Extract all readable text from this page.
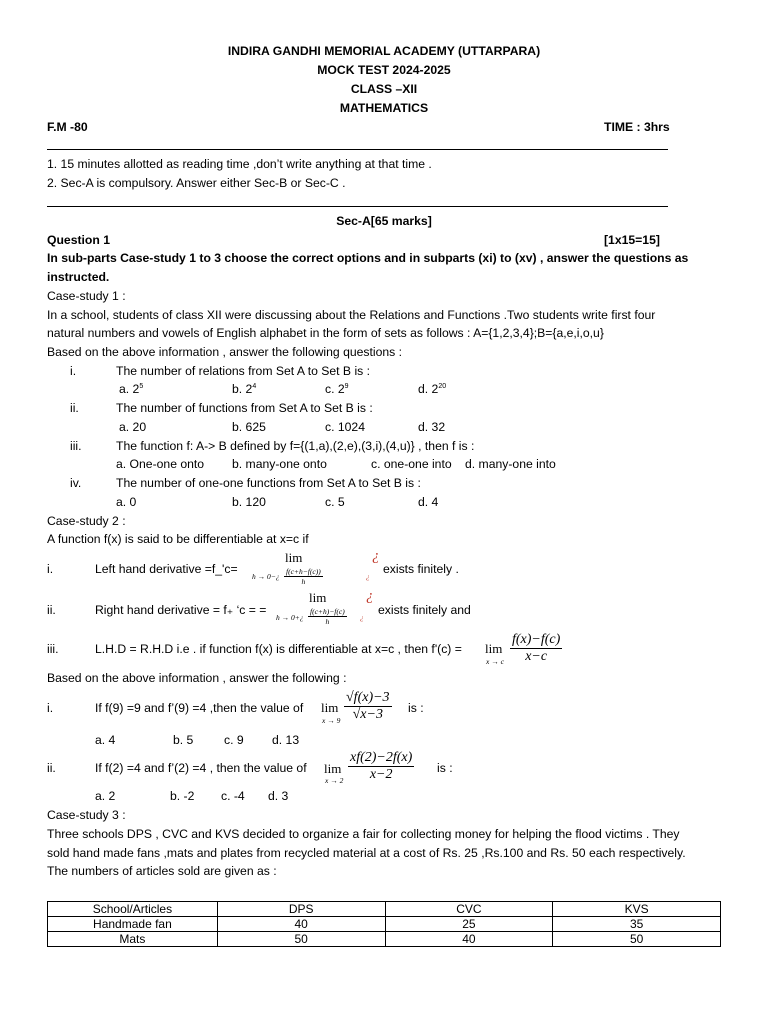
INDIRA GANDHI MEMORIAL ACADEMY (UTTARPARA)
MOCK TEST 2024-2025
CLASS –XII
MATHEMATICS
F.M -80	TIME : 3hrs
1. 15 minutes allotted as reading time ,don’t write anything at that time .
2. Sec-A is compulsory. Answer either Sec-B or Sec-C .
Sec-A[65 marks]
Question 1	[1x15=15]
In sub-parts Case-study 1 to 3 choose the correct options and in subparts (xi) to (xv) , answer the questions as
instructed.
Case-study 1 :
In a school, students of class XII were discussing about the Relations and Functions .Two students write first four
natural numbers and vowels of English alphabet in the form of sets as follows : A={1,2,3,4};B={a,e,i,o,u}
Based on the above information , answer the following questions :
i.	The number of relations from Set A to Set B is :
a. $2^5$	b. $2^4$	c. $2^9$	d. $2^{20}$
ii.	The number of functions from Set A to Set B is :
a. 20	b. 625	c. 1024	d. 32
iii.	The function f: A-> B defined by f={(1,a),(2,e),(3,i),(4,u)} , then f is :
a. One-one onto b. many-one onto	c. one-one into d. many-one into
iv.	The number of one-one functions from Set A to Set B is :
a. 0	b. 120	c. 5	d. 4
Case-study 2 :
A function f(x) is said to be differentiable at x=c if
i.	Left hand derivative =f_'c=
lim
h → 0−¿ $\frac{f(c+h-f(c))}{h}$
¿
¿
exists finitely .
ii.	Right hand derivative = f₊ ‘c = =
lim
h → 0+¿ $\frac{f(c+h)-f(c)}{h}$
¿
¿
exists finitely and
iii.	L.H.D = R.H.D i.e . if function f(x) is differentiable at x=c , then f'(c) = lim
x → c $\frac{f(x)-f(c)}{x-c}$
Based on the above information , answer the following :
i.	If f(9) =9 and f’(9) =4 ,then the value of lim
$x \to 9 \frac{√f(x)-3}{√x-3}$ is :
a. 4	b. 5	c. 9 d. 13
ii.	If f(2) =4 and f’(2) =4 , then the value of lim
$x \to 2 \frac{xf(2)-2f(x)}{x-2}$ is :
a. 2	b. -2 c. -4 d. 3
Case-study 3 :
Three schools DPS , CVC and KVS decided to organize a fair for collecting money for helping the flood victims . They
sold hand made fans ,mats and plates from recycled material at a cost of Rs. 25 ,Rs.100 and Rs. 50 each respectively.
The numbers of articles sold are given as :
School/Articles	DPS	CVC	KVS
Handmade fan	40	25	35
Mats	50	40	50
